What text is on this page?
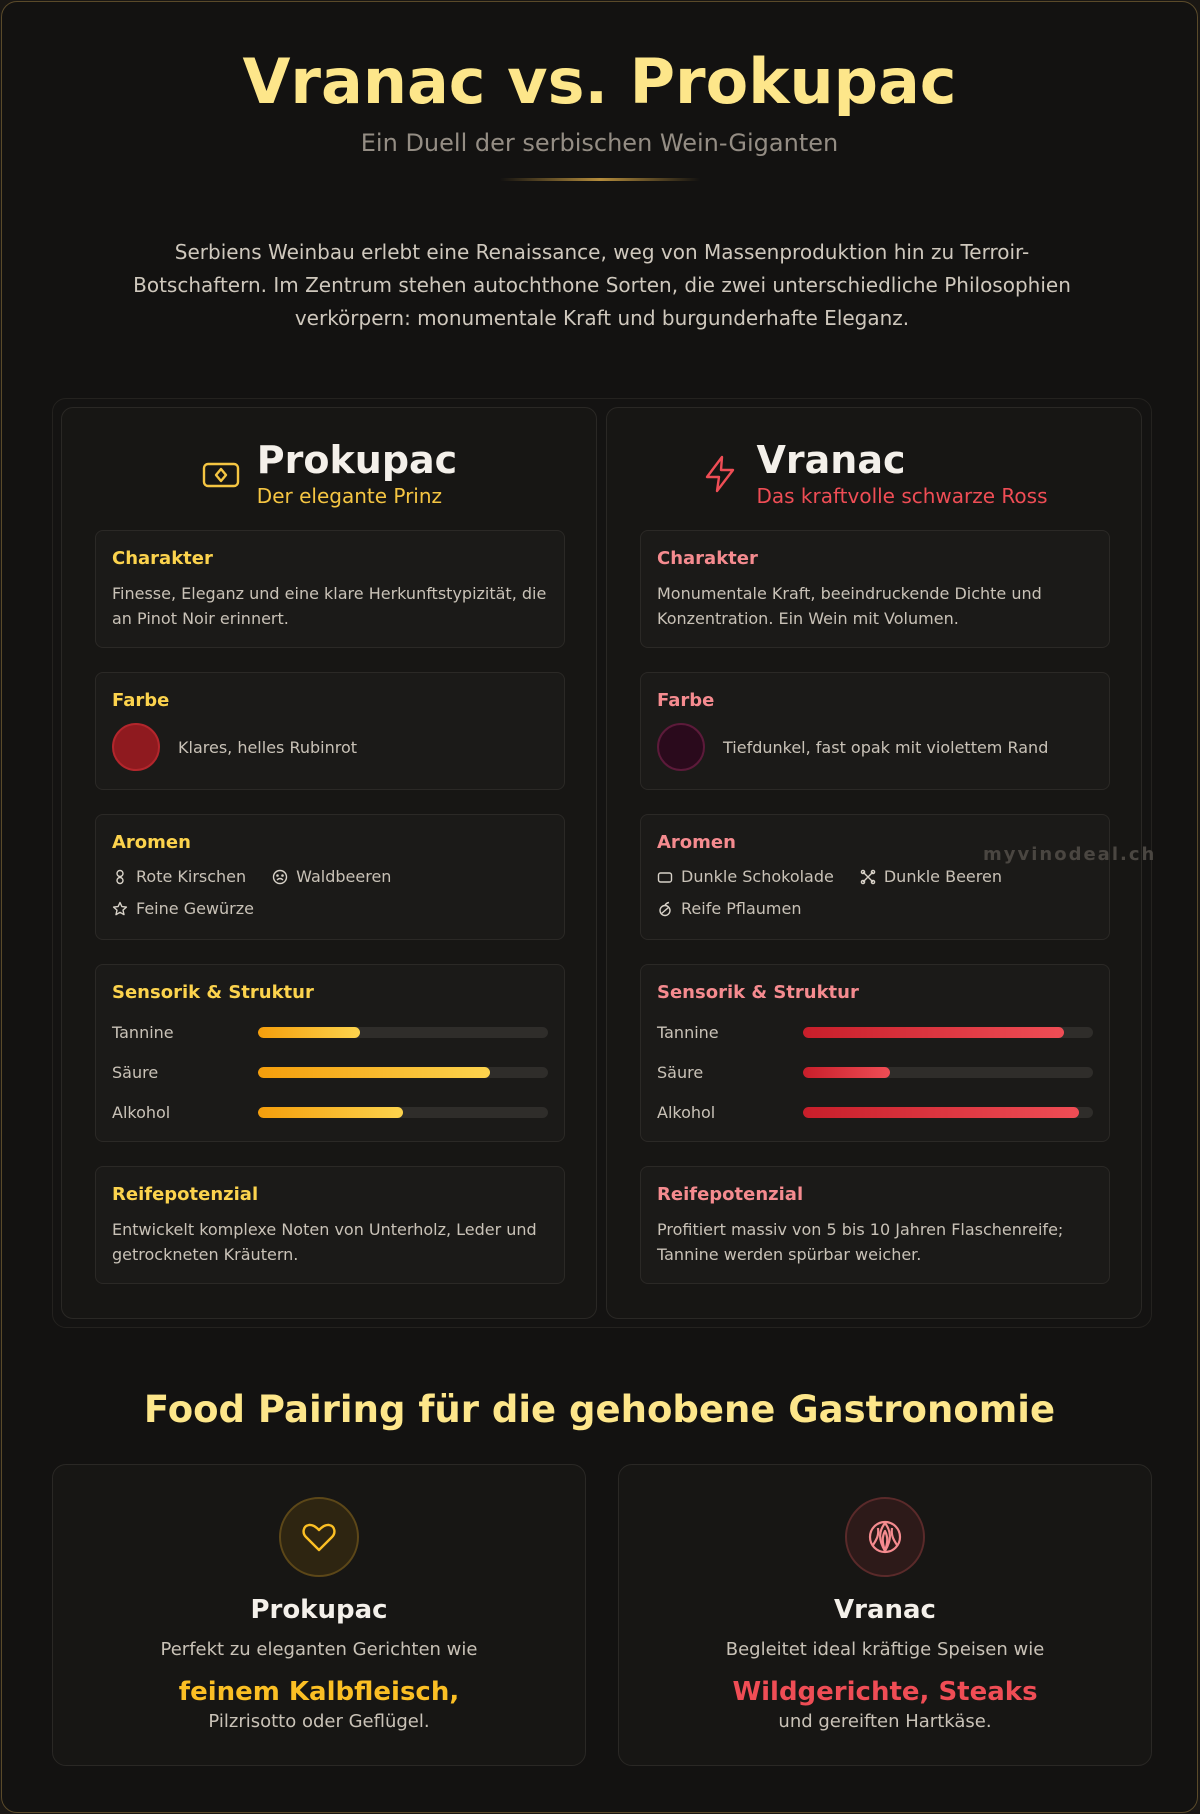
Vranac vs. Prokupac
Ein Duell der serbischen Wein-Giganten

Serbiens Weinbau erlebt eine Renaissance, weg von Massenproduktion hin zu Terroir-Botschaftern. Im Zentrum stehen autochthone Sorten, die zwei unterschiedliche Philosophien verkörpern: monumentale Kraft und burgunderhafte Eleganz.

Prokupac
Der elegante Prinz
Charakter
Finesse, Eleganz und eine klare Herkunftstypizität, die an Pinot Noir erinnert.
Farbe
Klares, helles Rubinrot
Aromen
Rote Kirschen	Waldbeeren
Feine Gewürze
Sensorik & Struktur
Tannine
Säure
Alkohol
Reifepotenzial
Entwickelt komplexe Noten von Unterholz, Leder und getrockneten Kräutern.
Vranac
Das kraftvolle schwarze Ross
Charakter
Monumentale Kraft, beeindruckende Dichte und Konzentration. Ein Wein mit Volumen.
Farbe
Tiefdunkel, fast opak mit violettem Rand
Aromen
Dunkle Schokolade	Dunkle Beeren
Reife Pflaumen
Sensorik & Struktur
Tannine
Säure
Alkohol
Reifepotenzial
Profitiert massiv von 5 bis 10 Jahren Flaschenreife; Tannine werden spürbar weicher.
myvinodeal.ch
Food Pairing für die gehobene Gastronomie
Prokupac
Perfekt zu eleganten Gerichten wie
feinem Kalbfleisch,
Pilzrisotto oder Geflügel.
Vranac
Begleitet ideal kräftige Speisen wie
Wildgerichte, Steaks
und gereiften Hartkäse.
